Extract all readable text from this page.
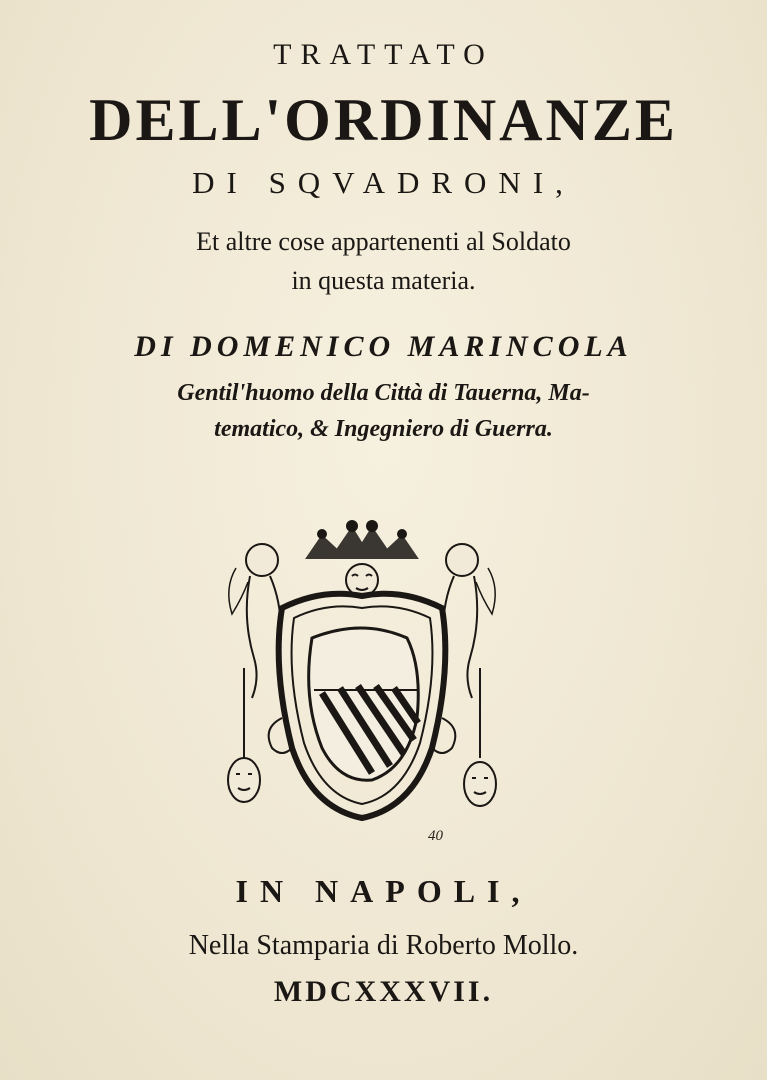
TRATTATO
DELL'ORDINANZE
DI SQVADRONI,
Et altre cose appartenenti al Soldato
in questa materia.
DI DOMENICO MARINCOLA
Gentil'huomo della Città di Tauerna, Ma-
tematico, & Ingegniero di Guerra.
40
IN NAPOLI,
Nella Stamparia di Roberto Mollo.
MDCXXXVII.
